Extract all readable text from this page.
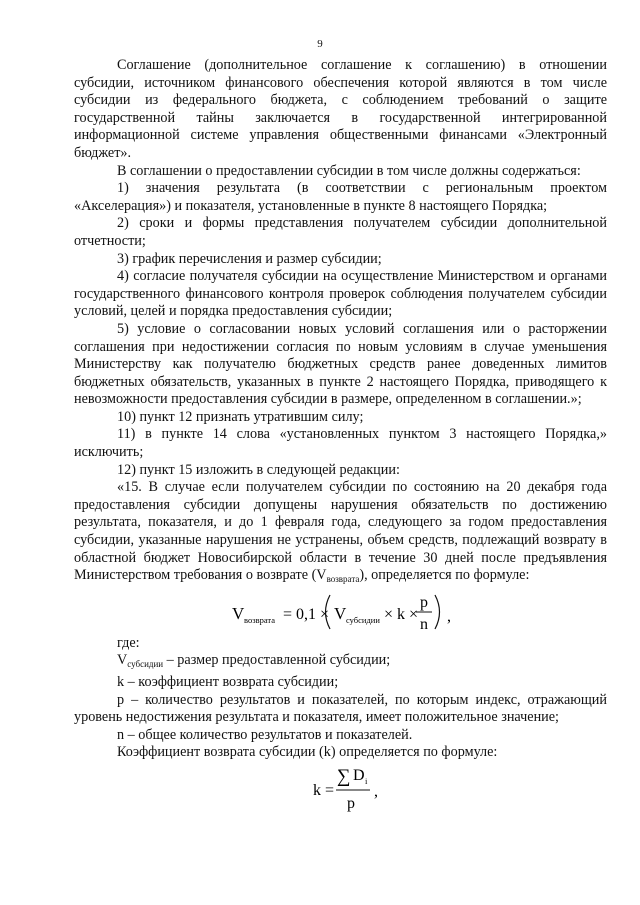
9

Соглашение (дополнительное соглашение к соглашению) в отношении субсидии, источником финансового обеспечения которой являются в том числе субсидии из федерального бюджета, с соблюдением требований о защите государственной тайны заключается в государственной интегрированной информационной системе управления общественными финансами «Электронный бюджет».

В соглашении о предоставлении субсидии в том числе должны содержаться:

1) значения результата (в соответствии с региональным проектом «Акселерация») и показателя, установленные в пункте 8 настоящего Порядка;

2) сроки и формы представления получателем субсидии дополнительной отчетности;

3) график перечисления и размер субсидии;

4) согласие получателя субсидии на осуществление Министерством и органами государственного финансового контроля проверок соблюдения получателем субсидии условий, целей и порядка предоставления субсидии;

5) условие о согласовании новых условий соглашения или о расторжении соглашения при недостижении согласия по новым условиям в случае уменьшения Министерству как получателю бюджетных средств ранее доведенных лимитов бюджетных обязательств, указанных в пункте 2 настоящего Порядка, приводящего к невозможности предоставления субсидии в размере, определенном в соглашении.»;

10) пункт 12 признать утратившим силу;

11) в пункте 14 слова «установленных пунктом 3 настоящего Порядка,» исключить;

12) пункт 15 изложить в следующей редакции:

«15. В случае если получателем субсидии по состоянию на 20 декабря года предоставления субсидии допущены нарушения обязательств по достижению результата, показателя, и до 1 февраля года, следующего за годом предоставления субсидии, указанные нарушения не устранены, объем средств, подлежащий возврату в областной бюджет Новосибирской области в течение 30 дней после предъявления Министерством требования о возврате $(V_{возврата})$, определяется по формуле:

V возврата = 0,1 × V субсидии × k ×
p
n ,

где:

$V_{субсидии}$ – размер предоставленной субсидии;

k – коэффициент возврата субсидии;

p – количество результатов и показателей, по которым индекс, отражающий уровень недостижения результата и показателя, имеет положительное значение;

n – общее количество результатов и показателей.

Коэффициент возврата субсидии (k) определяется по формуле:

k =
∑ D i
p
,
